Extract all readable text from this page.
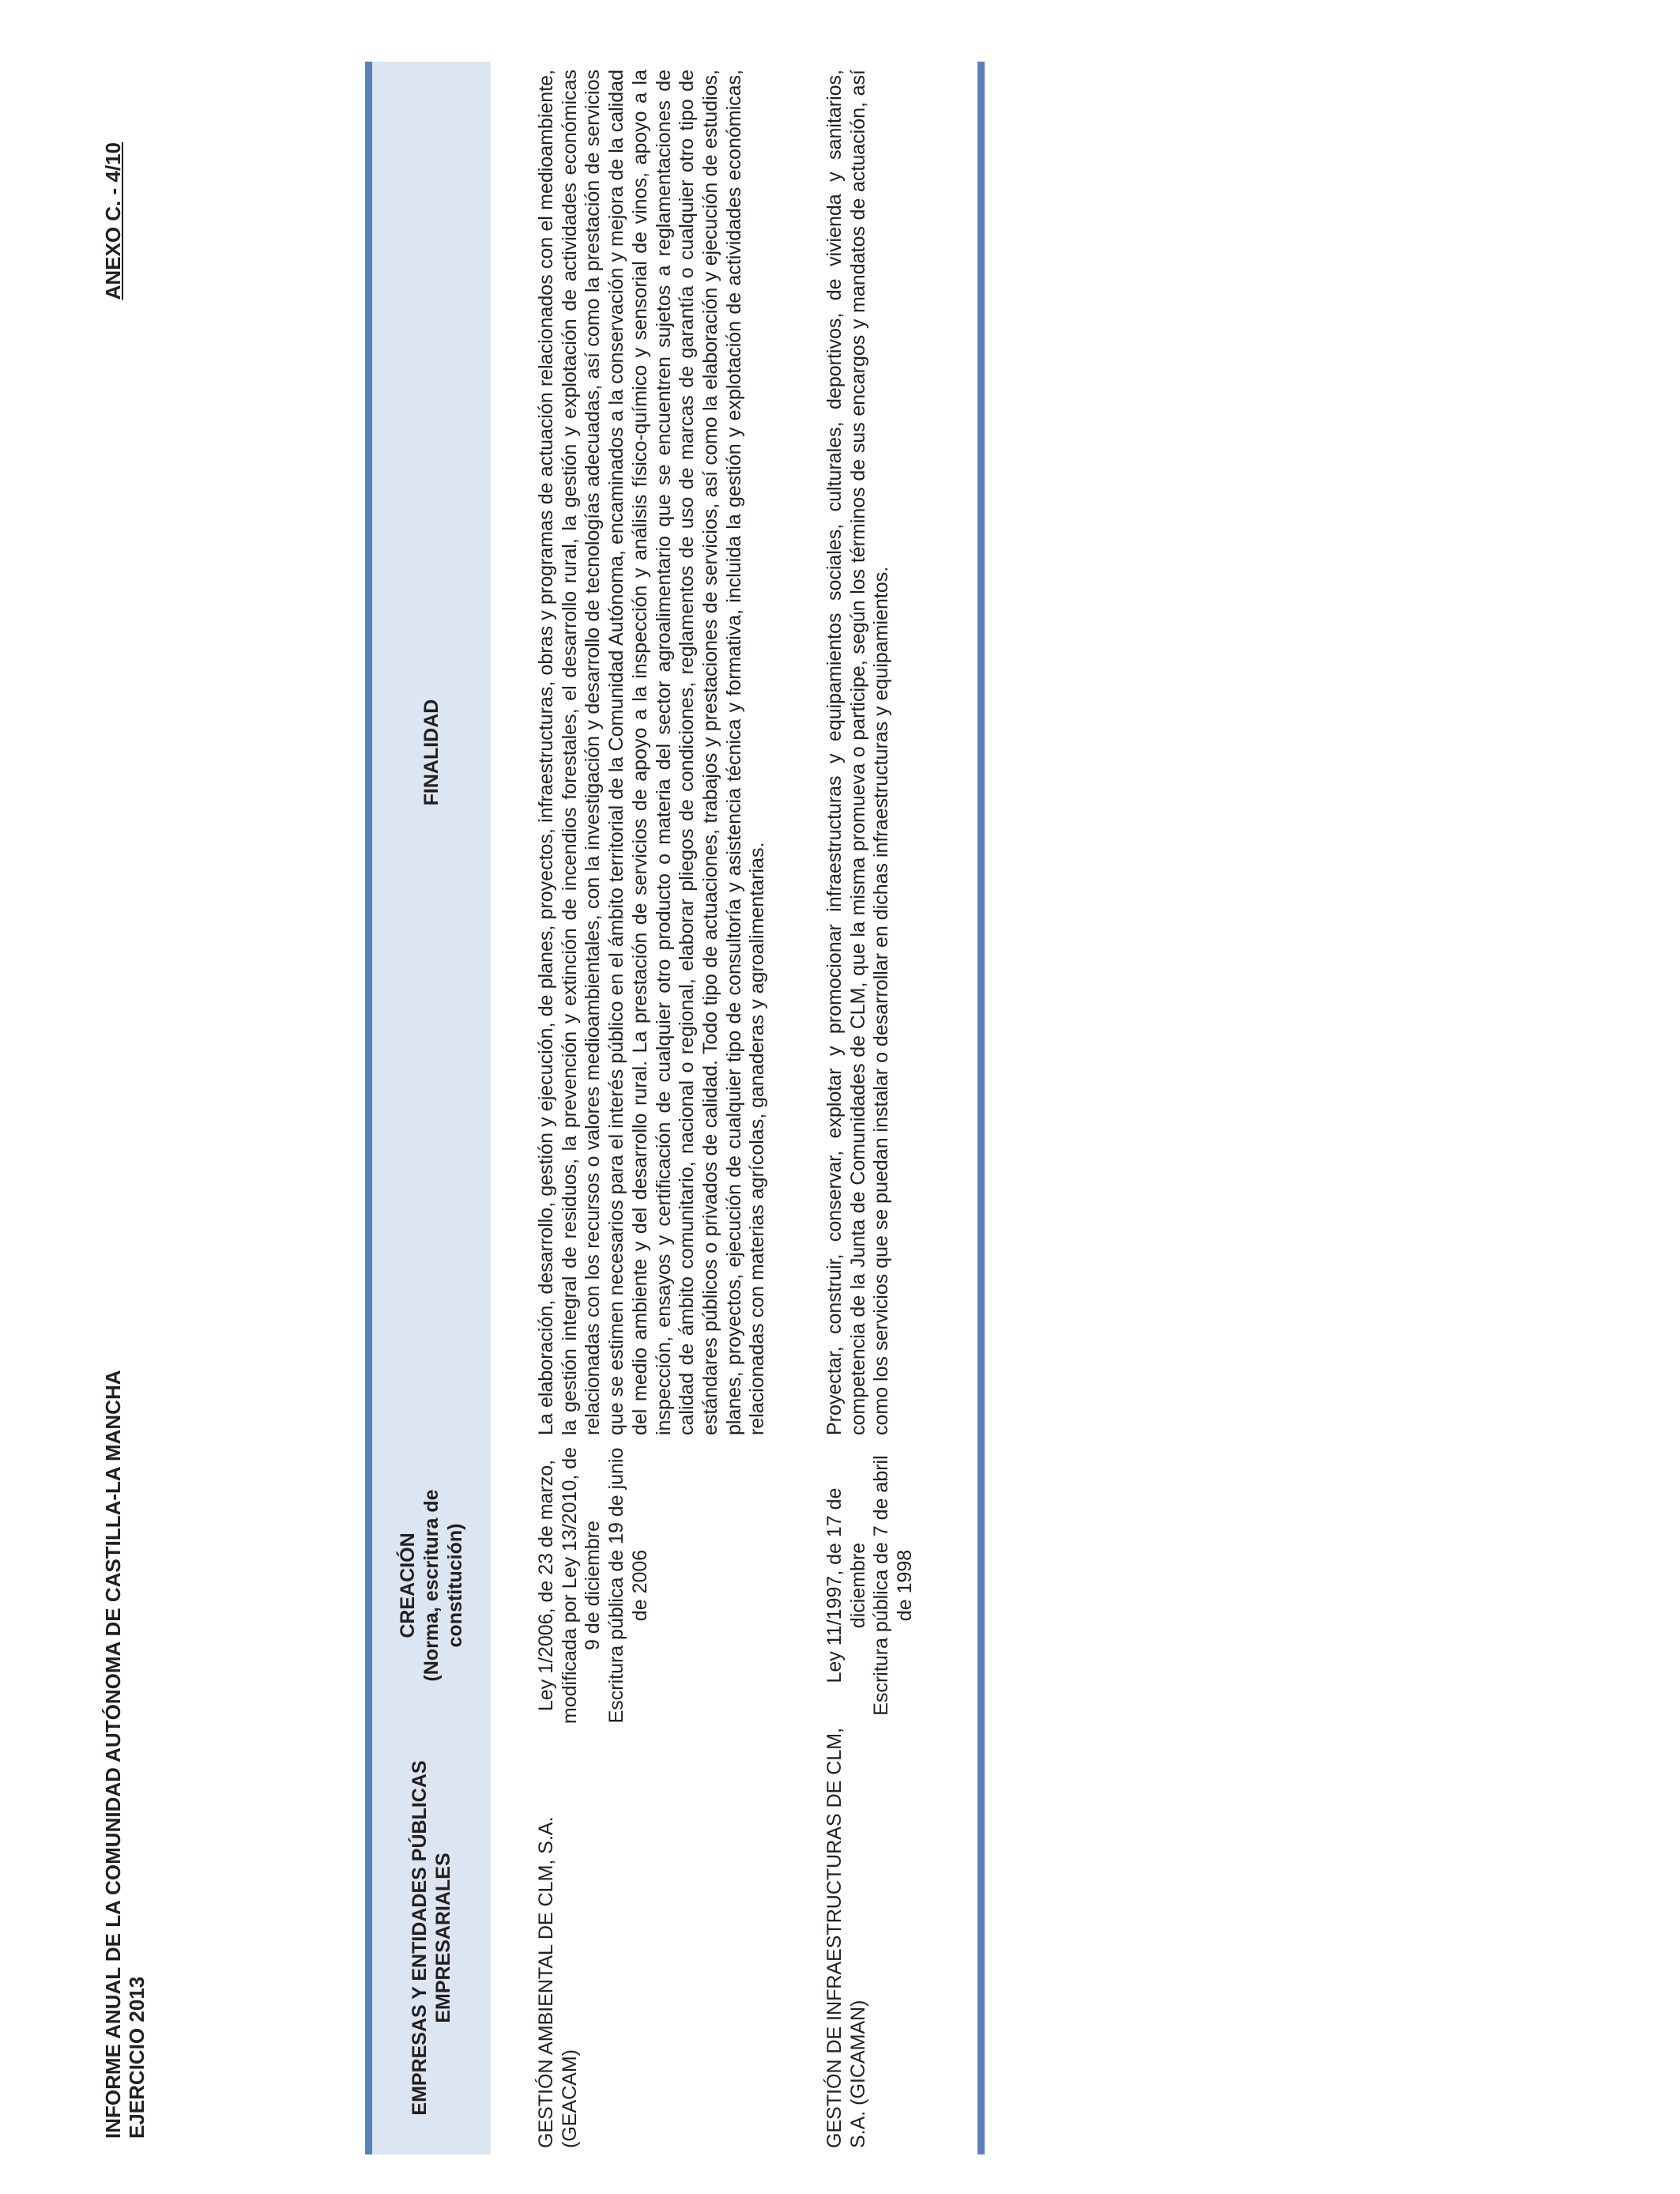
INFORME ANUAL DE LA COMUNIDAD AUTÓNOMA DE CASTILLA-LA MANCHA EJERCICIO 2013
ANEXO C. - 4/10
EMPRESAS Y ENTIDADES PÚBLICAS EMPRESARIALES
CREACIÓN (Norma, escritura de constitución)
FINALIDAD
GESTIÓN AMBIENTAL DE CLM, S.A. (GEACAM)
Ley 1/2006, de 23 de marzo, modificada por Ley 13/2010, de 9 de diciembre Escritura pública de 19 de junio de 2006
La elaboración, desarrollo, gestión y ejecución, de planes, proyectos, infraestructuras, obras y programas de actuación relacionados con el medioambiente, la gestión integral de residuos, la prevención y extinción de incendios forestales, el desarrollo rural, la gestión y explotación de actividades económicas relacionadas con los recursos o valores medioambientales, con la investigación y desarrollo de tecnologías adecuadas, así como la prestación de servicios que se estimen necesarios para el interés público en el ámbito territorial de la Comunidad Autónoma, encaminados a la conservación y mejora de la calidad del medio ambiente y del desarrollo rural. La prestación de servicios de apoyo a la inspección y análisis físico-químico y sensorial de vinos, apoyo a la inspección, ensayos y certificación de cualquier otro producto o materia del sector agroalimentario que se encuentren sujetos a reglamentaciones de calidad de ámbito comunitario, nacional o regional, elaborar pliegos de condiciones, reglamentos de uso de marcas de garantía o cualquier otro tipo de estándares públicos o privados de calidad. Todo tipo de actuaciones, trabajos y prestaciones de servicios, así como la elaboración y ejecución de estudios, planes, proyectos, ejecución de cualquier tipo de consultoría y asistencia técnica y formativa, incluida la gestión y explotación de actividades económicas, relacionadas con materias agrícolas, ganaderas y agroalimentarias.
GESTIÓN DE INFRAESTRUCTURAS DE CLM, S.A. (GICAMAN)
Ley 11/1997, de 17 de diciembre Escritura pública de 7 de abril de 1998
Proyectar, construir, conservar, explotar y promocionar infraestructuras y equipamientos sociales, culturales, deportivos, de vivienda y sanitarios, competencia de la Junta de Comunidades de CLM, que la misma promueva o participe, según los términos de sus encargos y mandatos de actuación, así como los servicios que se puedan instalar o desarrollar en dichas infraestructuras y equipamientos.
